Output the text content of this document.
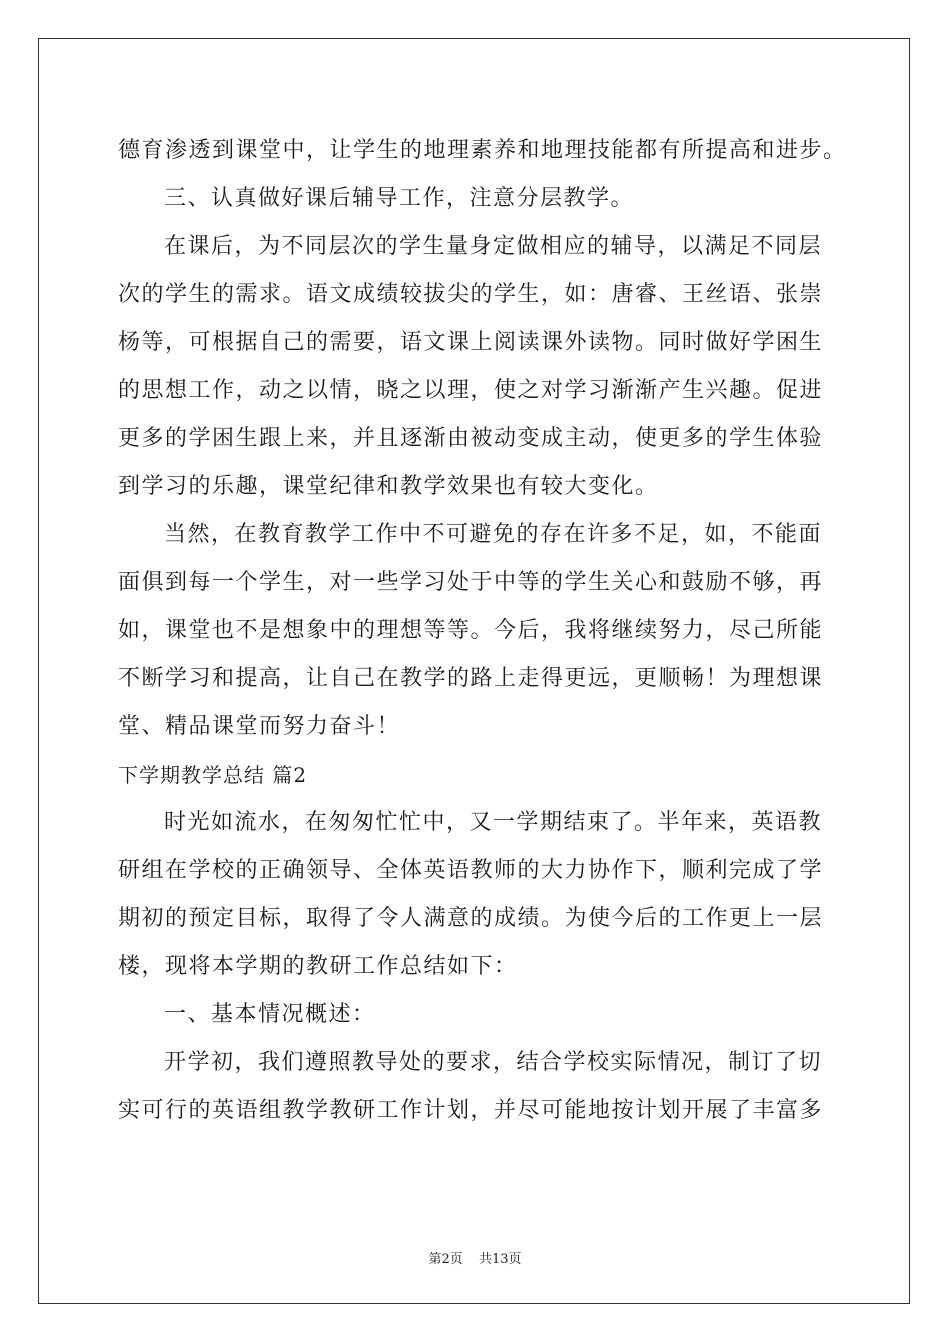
德育渗透到课堂中，让学生的地理素养和地理技能都有所提高和进步。
三、认真做好课后辅导工作，注意分层教学。
在课后，为不同层次的学生量身定做相应的辅导，以满足不同层
次的学生的需求。语文成绩较拔尖的学生，如：唐睿、王丝语、张崇
杨等，可根据自己的需要，语文课上阅读课外读物。同时做好学困生
的思想工作，动之以情，晓之以理，使之对学习渐渐产生兴趣。促进
更多的学困生跟上来，并且逐渐由被动变成主动，使更多的学生体验
到学习的乐趣，课堂纪律和教学效果也有较大变化。
当然，在教育教学工作中不可避免的存在许多不足，如，不能面
面俱到每一个学生，对一些学习处于中等的学生关心和鼓励不够，再
如，课堂也不是想象中的理想等等。今后，我将继续努力，尽己所能
不断学习和提高，让自己在教学的路上走得更远，更顺畅！为理想课
堂、精品课堂而努力奋斗！
下学期教学总结 篇2
时光如流水，在匆匆忙忙中，又一学期结束了。半年来，英语教
研组在学校的正确领导、全体英语教师的大力协作下，顺利完成了学
期初的预定目标，取得了令人满意的成绩。为使今后的工作更上一层
楼，现将本学期的教研工作总结如下：
一、基本情况概述：
开学初，我们遵照教导处的要求，结合学校实际情况，制订了切
实可行的英语组教学教研工作计划，并尽可能地按计划开展了丰富多
第2页 共13页
